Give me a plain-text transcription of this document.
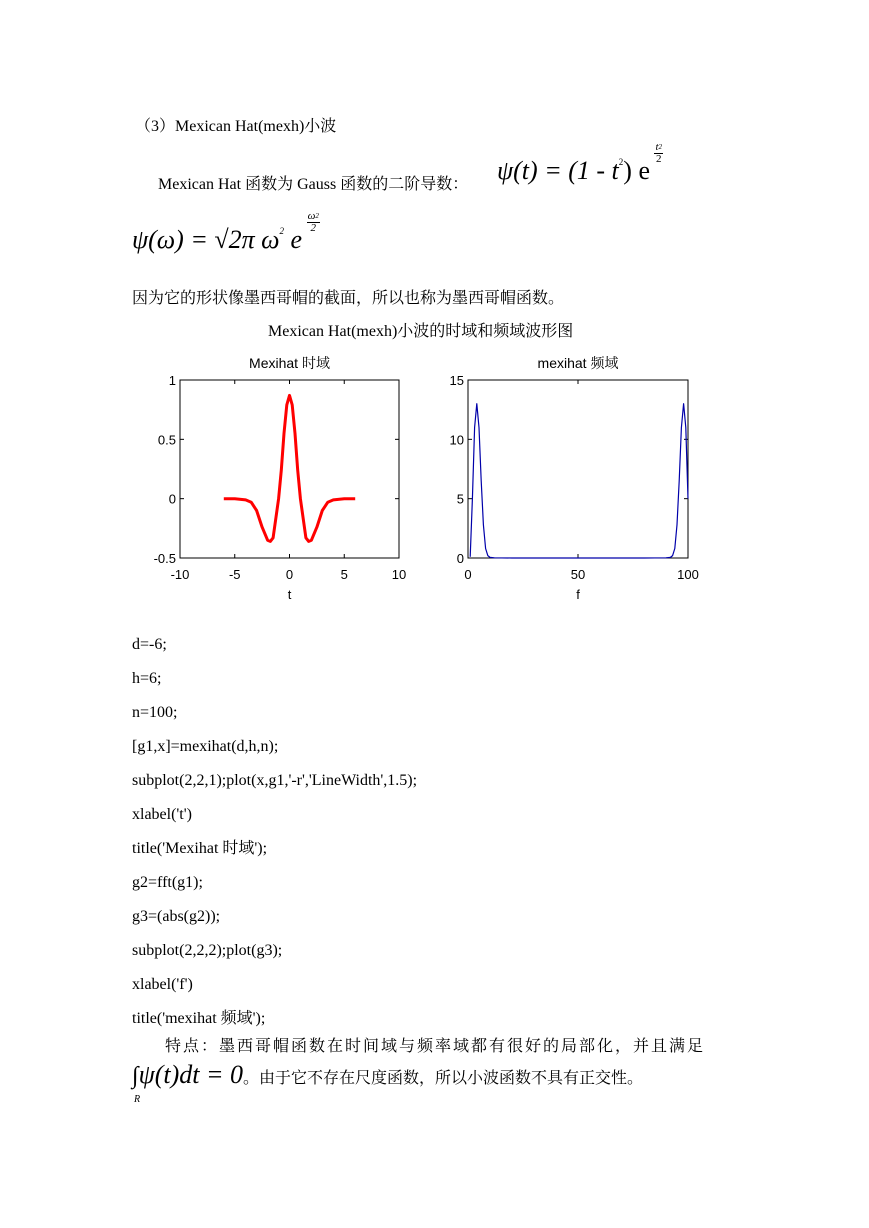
（3）Mexican Hat(mexh)小波
Mexican Hat 函数为 Gauss 函数的二阶导数： $\psi(t) = (1 - t^2)$ e
$\frac{t^2}{2}$
ψ(ω) = √2π $\omega^2$ e
$\frac{\omega^2}{2}$
因为它的形状像墨西哥帽的截面，所以也称为墨西哥帽函数。
Mexican Hat(mexh)小波的时域和频域波形图
Mexihat 时域
-10	-5	0	5	10
1
0.5
0
-0.5
t
mexihat 频域
0	50	100
15
10
5
0
f
d=-6;
h=6;
n=100;
[g1,x]=mexihat(d,h,n);
subplot(2,2,1);plot(x,g1,'-r','LineWidth',1.5);
xlabel('t')
title('Mexihat 时域');
g2=fft(g1);
g3=(abs(g2));
subplot(2,2,2);plot(g3);
xlabel('f')
title('mexihat 频域');
特点：墨西哥帽函数在时间域与频率域都有很好的局部化，并且满足
∫ψ(t)dt = 0。由于它不存在尺度函数，所以小波函数不具有正交性。
R
